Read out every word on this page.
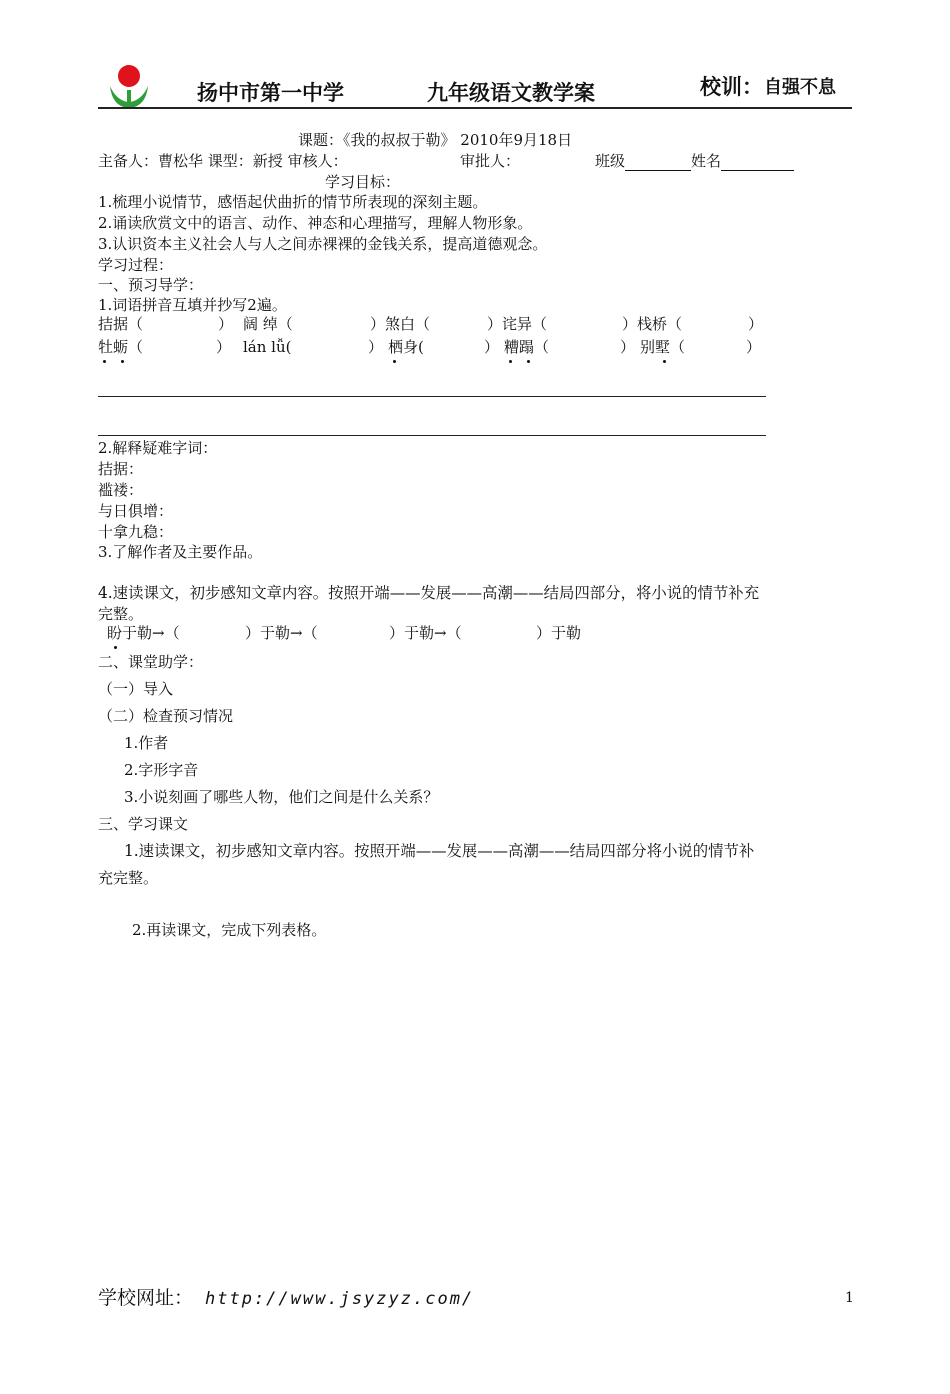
扬中市第一中学	九年级语文教学案	校训： 自强不息
课题：《我的叔叔于勒》 2010年9月18日
主备人：曹松华 课型：新授 审核人：	审批人：	班级	姓名
学习目标：
1.梳理小说情节，感悟起伏曲折的情节所表现的深刻主题。
2.诵读欣赏文中的语言、动作、神态和心理描写，理解人物形象。
3.认识资本主义社会人与人之间赤裸裸的金钱关系，提高道德观念。
学习过程：
一、预习导学：
1.词语拼音互填并抄写2遍。
拮据（	） 阔 绰（	）煞白（	）诧异（	）栈桥（	）
牡蛎（	） lán lǚ(	） 栖身(	） 糟蹋（	） 别墅（	）
2.解释疑难字词：
拮据：
褴褛：
与日俱增：
十拿九稳：
3.了解作者及主要作品。
4.速读课文，初步感知文章内容。按照开端——发展——高潮——结局四部分，将小说的情节补充
完整。
盼于勒→（	）于勒→（	）于勒→（	）于勒
二、课堂助学：
（一）导入
（二）检查预习情况
1.作者
2.字形字音
3.小说刻画了哪些人物，他们之间是什么关系？
三、学习课文
1.速读课文，初步感知文章内容。按照开端——发展——高潮——结局四部分将小说的情节补
充完整。
2.再读课文，完成下列表格。
学校网址： http://www.jsyzyz.com/	1
